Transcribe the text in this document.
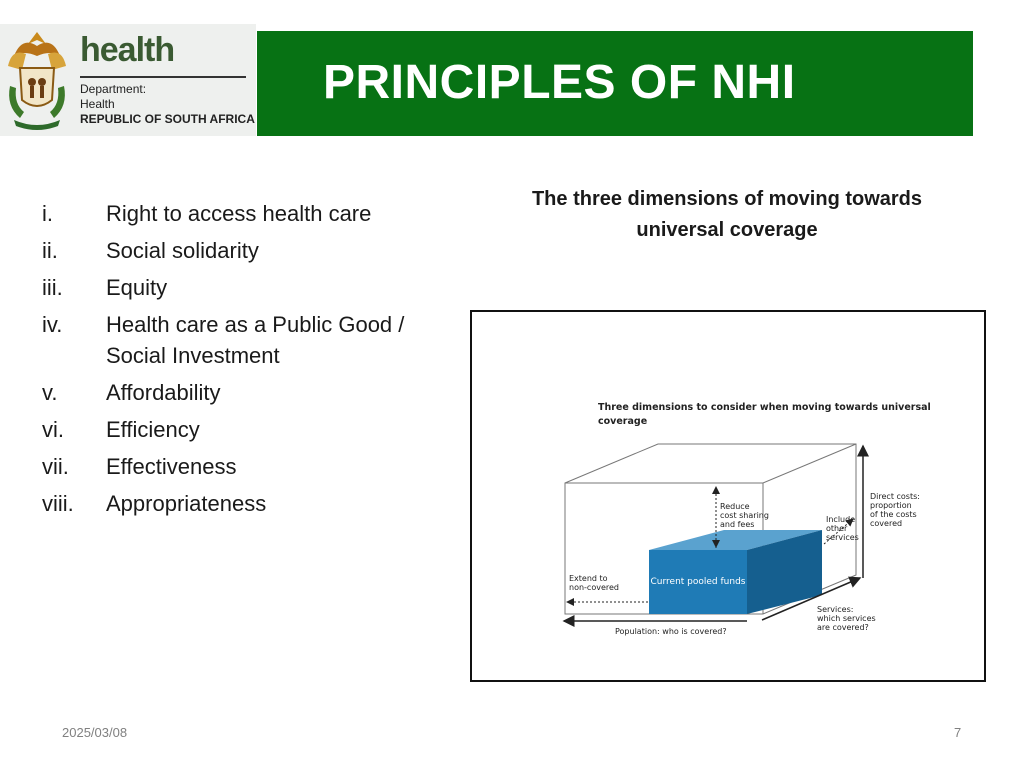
health
Department:
Health
REPUBLIC OF SOUTH AFRICA
PRINCIPLES OF NHI
i.	Right to access health care
ii.	Social solidarity
iii.	Equity
iv.	Health care as a Public Good / Social Investment
v.	Affordability
vi.	Efficiency
vii.	Effectiveness
viii.	Appropriateness
The three dimensions of moving towards universal coverage
Three dimensions to consider when moving towards universal
coverage
Current pooled funds
Reduce
cost sharing
and fees
Include
other
services
Direct costs:
proportion
of the costs
covered
Extend to
non-covered
Services:
which services
are covered?
Population: who is covered?
2025/03/08	7
